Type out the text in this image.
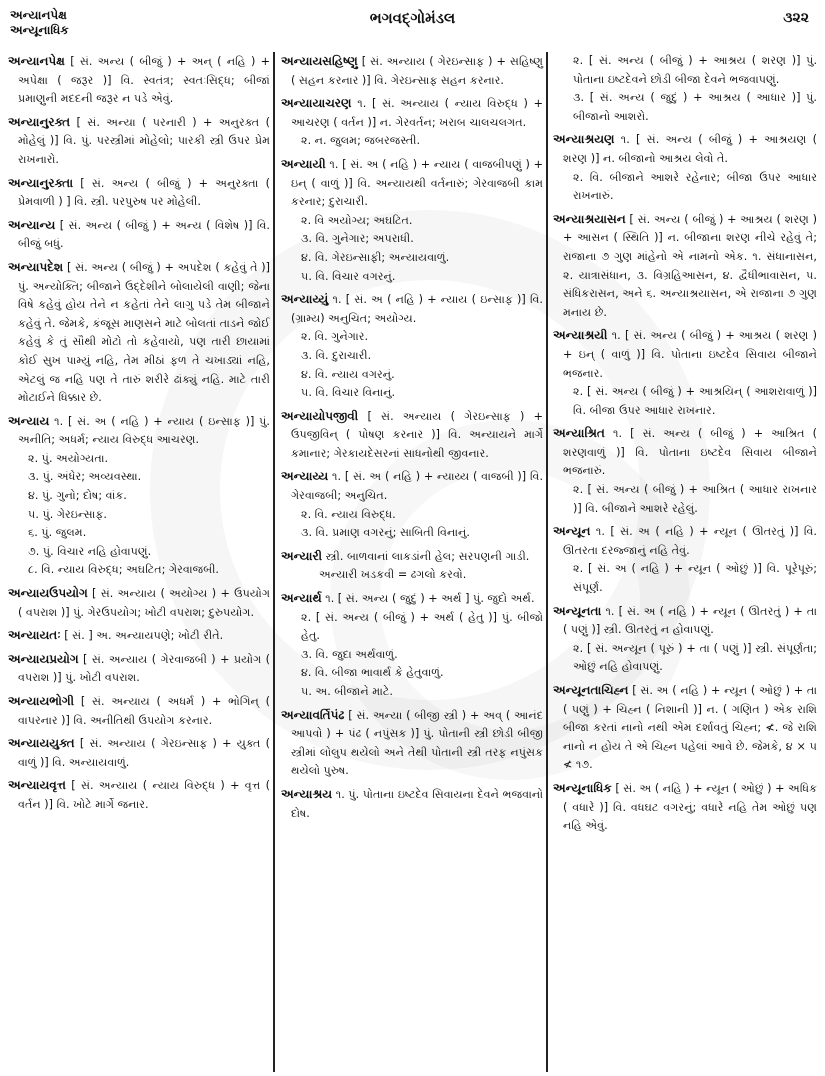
અન્યાનપેક્ષ
અન્યૂનાધિક
ભગવદ્ગોમંડલ	૩૨૨
અન્યાનપેક્ષ [ સં. અન્ય ( બીજું ) + અન્ ( નહિ ) + અપેક્ષા ( જરૂર )] વિ. સ્વતંત્ર; સ્વતઃસિદ્ધ; બીજાં પ્રમાણુની મદદની જરૂર ન પડે એવું.
અન્યાનુરક્ત [ સં. અન્યા ( પરનારી ) + અનુરક્ત ( મોહેલું )] વિ. પું. પરસ્ત્રીમાં મોહેલો; પારકી સ્ત્રી ઉપર પ્રેમ રાખનારો.
અન્યાનુરક્તા [ સં. અન્ય ( બીજું ) + અનુરક્તા ( પ્રેમવાળી ) ] વિ. સ્ત્રી. પરપુરુષ પર મોહેલી.
અન્યાન્ય [ સં. અન્ય ( બીજું ) + અન્ય ( વિશેષ )] વિ. બીજું બધું.
અન્યાપદેશ [ સં. અન્ય ( બીજું ) + અપદેશ ( કહેવું તે )] પું. અન્યોક્તિ; બીજાને ઉદ્દેશીને બોલાયેલી વાણી; જેના વિષે કહેવું હોય તેને ન કહેતાં તેને લાગુ પડે તેમ બીજાને કહેવું તે. જેમકે, કંજૂસ માણસને માટે બોલતાં તાડને જોઈ કહેવું કે તું સૌથી મોટો તો કહેવાયો, પણ તારી છાયામાં કોઈ સુખ પામ્યું નહિ, તેમ મીઠાં ફળ તે ચખાડ્યાં નહિ, એટલું જ નહિ પણ તે તારું શરીરે ઢાંક્યું નહિ. માટે તારી મોટાઈને ધિક્કાર છે.
અન્યાય ૧. [ સં. અ ( નહિ ) + ન્યાય ( ઇન્સાફ )] પું. અનીતિ; અધર્મ; ન્યાય વિરુદ્ધ આચરણ.
૨. પું. અયોગ્યતા.
૩. પું. અંધેર; અવ્યવસ્થા.
૪. પું. ગુનો; દોષ; વાંક.
૫. પું. ગેરઇન્સાફ.
૬. પું. જુલમ.
૭. પું. વિચાર નહિ હોવાપણું.
૮. વિ. ન્યાય વિરુદ્ધ; અઘટિત; ગેરવાજબી.
અન્યાયઉપયોગ [ સં. અન્યાય ( અયોગ્ય ) + ઉપયોગ ( વપરાશ )] પું. ગેરઉપયોગ; ખોટી વપરાશ; દુરુપયોગ.
અન્યાયતઃ [ સં. ] અ. અન્યાયપણે; ખોટી રીતે.
અન્યાયપ્રયોગ [ સં. અન્યાય ( ગેરવાજબી ) + પ્રયોગ ( વપરાશ )] પું. ખોટી વપરાશ.
અન્યાયભોગી [ સં. અન્યાય ( અધર્મ ) + ભોગિન્ ( વાપરનાર )] વિ. અનીતિથી ઉપયોગ કરનાર.
અન્યાયયુક્ત [ સં. અન્યાય ( ગેરઇન્સાફ ) + યુક્ત ( વાળું )] વિ. અન્યાયવાળું.
અન્યાયવૃત્ત [ સં. અન્યાય ( ન્યાય વિરુદ્ધ ) + વૃત્ત ( વર્તન )] વિ. ખોટે માર્ગે જનાર.
અન્યાયસહિષ્ણુ [ સં. અન્યાય ( ગેરઇન્સાફ ) + સહિષ્ણુ ( સહન કરનાર )] વિ. ગેરઇન્સાફ સહન કરનાર.
અન્યાયાચરણ ૧. [ સં. અન્યાય ( ન્યાય વિરુદ્ધ ) + આચરણ ( વર્તન )] ન. ગેરવર્તન; ખરાબ ચાલચલગત.
૨. ન. જુલમ; જબરજસ્તી.
અન્યાયી ૧. [ સં. અ ( નહિ ) + ન્યાય ( વાજબીપણું ) + ઇન્ ( વાળું )] વિ. અન્યાયથી વર્તનારું; ગેરવાજબી કામ કરનાર; દુરાચારી.
૨. વિ અયોગ્ય; અઘટિત.
૩. વિ. ગુનેગાર; અપરાધી.
૪. વિ. ગેરઇન્સાફી; અન્યાયવાળું.
૫. વિ. વિચાર વગરનું.
અન્યાય્યું ૧. [ સં. અ ( નહિ ) + ન્યાય ( ઇન્સાફ )] વિ. (ગ્રામ્ય) અનુચિત; અયોગ્ય.
૨. વિ. ગુનેગાર.
૩. વિ. દુરાચારી.
૪. વિ. ન્યાય વગરનું.
૫. વિ. વિચાર વિનાનું.
અન્યાયોપજીવી [ સં. અન્યાય ( ગેરઇન્સાફ ) + ઉપજીવિન્ ( પોષણ કરનાર )] વિ. અન્યાયને માર્ગે કમાનાર; ગેરકાયદેસરનાં સાધનોથી જીવનાર.
અન્યાય્ય ૧. [ સં. અ ( નહિ ) + ન્યાય્ય ( વાજબી )] વિ. ગેરવાજબી; અનુચિત.
૨. વિ. ન્યાય વિરુદ્ધ.
૩. વિ. પ્રમાણ વગરનું; સાબિતી વિનાનું.
અન્યારી સ્ત્રી. બાળવાનાં લાકડાંની હેલ; સરપણની ગાડી.
અન્યારી ખડકવી = ઢગલો કરવો.
અન્યાર્થ ૧. [ સં. અન્ય ( જુદું ) + અર્થ ] પું. જુદો અર્થ.
૨. [ સં. અન્ય ( બીજું ) + અર્થ ( હેતુ )] પું. બીજો હેતુ.
૩. વિ. જુદા અર્થવાળું.
૪. વિ. બીજા ભાવાર્થ કે હેતુવાળું.
૫. અ. બીજાને માટે.
અન્યાવર્તિપંઢ [ સં. અન્યા ( બીજી સ્ત્રી ) + અવ્ ( આનંદ આપવો ) + પંઢ ( નપુંસક )] પું. પોતાની સ્ત્રી છોડી બીજી સ્ત્રીમાં લોલુપ થયેલો અને તેથી પોતાની સ્ત્રી તરફ નપુંસક થયેલો પુરુષ.
અન્યાશ્રય ૧. પું. પોતાના ઇષ્ટદેવ સિવાયના દેવને ભજવાનો દોષ.
૨. [ સં. અન્ય ( બીજું ) + આશ્રય ( શરણ )] પું. પોતાના ઇષ્ટદેવને છોડી બીજા દેવને ભજવાપણું.
૩. [ સં. અન્ય ( જુદું ) + આશ્રય ( આધાર )] પું. બીજાનો આશરો.
અન્યાશ્રયણ ૧. [ સં. અન્ય ( બીજું ) + આશ્રયણ ( શરણ )] ન. બીજાનો આશ્રય લેવો તે.
૨. વિ. બીજાને આશરે રહેનાર; બીજા ઉપર આધાર રાખનારું.
અન્યાશ્રયાસન [ સં. અન્ય ( બીજું ) + આશ્રય ( શરણ ) + આસન ( સ્થિતિ )] ન. બીજાના શરણ નીચે રહેવું તે; રાજાના ૭ ગુણ માંહેનો એ નામનો એક. ૧. સંધાનાસન, ૨. યાત્રાસંધાન, ૩. વિગ્રહિઆસન, ૪. દ્વૈધીભાવાસન, ૫. સંધિકરાસન, અને ૬. અન્યાશ્રયાસન, એ રાજાના ૭ ગુણ મનાય છે.
અન્યાશ્રયી ૧. [ સં. અન્ય ( બીજું ) + આશ્રય ( શરણ ) + ઇન્ ( વાળું )] વિ. પોતાના ઇષ્ટદેવ સિવાય બીજાને ભજનાર.
૨. [ સં. અન્ય ( બીજું ) + આશ્રયિન્ ( આશરાવાળું )] વિ. બીજા ઉપર આધાર રાખનાર.
અન્યાશ્રિત ૧. [ સં. અન્ય ( બીજું ) + આશ્રિત ( શરણવાળું )] વિ. પોતાના ઇષ્ટદેવ સિવાય બીજાને ભજનારું.
૨. [ સં. અન્ય ( બીજું ) + આશ્રિત ( આધાર રાખનાર )] વિ. બીજાને આશરે રહેલું.
અન્યૂન ૧. [ સં. અ ( નહિ ) + ન્યૂન ( ઊતરતું )] વિ. ઊતરતા દરજ્જાનું નહિ તેવું.
૨. [ સં. અ ( નહિ ) + ન્યૂન ( ઓછું )] વિ. પૂરેપૂરું; સંપૂર્ણ.
અન્યૂનતા ૧. [ સં. અ ( નહિ ) + ન્યૂન ( ઊતરતું ) + તા ( પણું )] સ્ત્રી. ઊતરતું ન હોવાપણું.
૨. [ સં. અન્યૂન ( પૂરું ) + તા ( પણું )] સ્ત્રી. સંપૂર્ણતા; ઓછું નહિ હોવાપણું.
અન્યૂનતાચિહ્ન [ સં. અ ( નહિ ) + ન્યૂન ( ઓછું ) + તા ( પણું ) + ચિહ્ન ( નિશાની )] ન. ( ગણિત ) એક રાશિ બીજા કરતાં નાનો નથી એમ દર્શાવતું ચિહ્ન; ≮. જે રાશિ નાનો ન હોય તે એ ચિહ્ન પહેલાં આવે છે. જેમકે, ૪ × ૫ ≮ ૧૭.
અન્યૂનાધિક [ સં. અ ( નહિ ) + ન્યૂન ( ઓછું ) + અધિક ( વધારે )] વિ. વધઘટ વગરનું; વધારે નહિ તેમ ઓછું પણ નહિ એવું.
